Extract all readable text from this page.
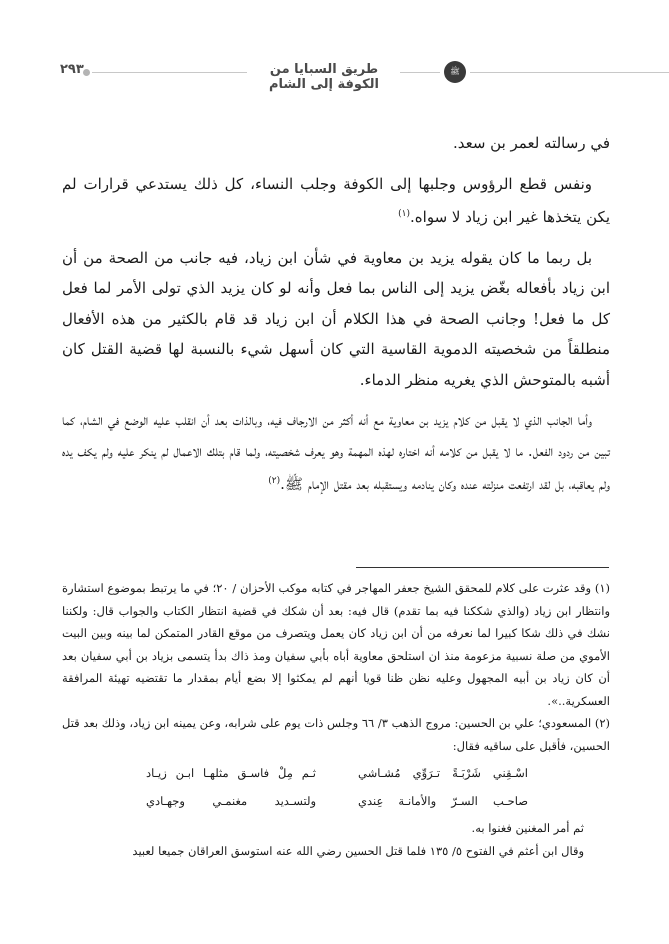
ﷺ
طريق السبايا من الكوفة إلى الشام
٢٩٣

في رسالته لعمر بن سعد.

ونفس قطع الرؤوس وجلبها إلى الكوفة وجلب النساء، كل ذلك يستدعي قرارات لم يكن يتخذها غير ابن زياد لا سواه.$^{(١)}$

بل ربما ما كان يقوله يزيد بن معاوية في شأن ابن زياد، فيه جانب من الصحة من أن ابن زياد بأفعاله بغّض يزيد إلى الناس بما فعل وأنه لو كان يزيد الذي تولى الأمر لما فعل كل ما فعل! وجانب الصحة في هذا الكلام أن ابن زياد قد قام بالكثير من هذه الأفعال منطلقاً من شخصيته الدموية القاسية التي كان أسهل شيء بالنسبة لها قضية القتل كان أشبه بالمتوحش الذي يغريه منظر الدماء.

وأما الجانب الذي لا يقبل من كلام يزيد بن معاوية مع أنه أكثر من الارجاف فيه، وبالذات بعد أن انقلب عليه الوضع في الشام، كما تبين من ردود الفعل. ما لا يقبل من كلامه أنه اختاره لهذه المهمة وهو يعرف شخصيته، ولما قام بتلك الاعمال لم ينكر عليه ولم يكف يده ولم يعاقبه، بل لقد ارتفعت منزلته عنده وكان ينادمه ويستقبله بعد مقتل الإمام ﷺ.$^{(٢)}$

(١) وقد عثرت على كلام للمحقق الشيخ جعفر المهاجر في كتابه موكب الأحزان / ٢٠؛ في ما يرتبط بموضوع استشارة وانتظار ابن زياد (والذي شككنا فيه بما تقدم) قال فيه: بعد أن شكك في قضية انتظار الكتاب والجواب قال: ولكننا نشك في ذلك شكا كبيرا لما نعرفه من أن ابن زياد كان يعمل ويتصرف من موقع القادر المتمكن لما بينه وبين البيت الأموي من صلة نسبية مزعومة منذ ان استلحق معاوية أباه بأبي سفيان ومذ ذاك بدأ يتسمى بزياد بن أبي سفيان بعد أن كان زياد بن أبيه المجهول وعليه نظن ظنا قويا أنهم لم يمكثوا إلا بضع أيام بمقدار ما تقتضيه تهيئة المرافقة العسكرية..».

(٢) المسعودي؛ علي بن الحسين: مروج الذهب ٣/ ٦٦ وجلس ذات يوم على شرابه، وعن يمينه ابن زياد، وذلك بعد قتل الحسين، فأقبل على ساقيه فقال:

اسْـقِني شَرْبَـةً تـرَوِّي مُشـاشي
ثـم مِلْ فاسـق مثلهـا ابـن زيـاد
صاحـب السـرّ والأمانـة عِندي
ولتسـديد مغنمـي وجهـادي

ثم أمر المغنين فغنوا به.

وقال ابن أعثم في الفتوح ٥/ ١٣٥ فلما قتل الحسين رضي الله عنه استوسق العراقان جميعا لعبيد
